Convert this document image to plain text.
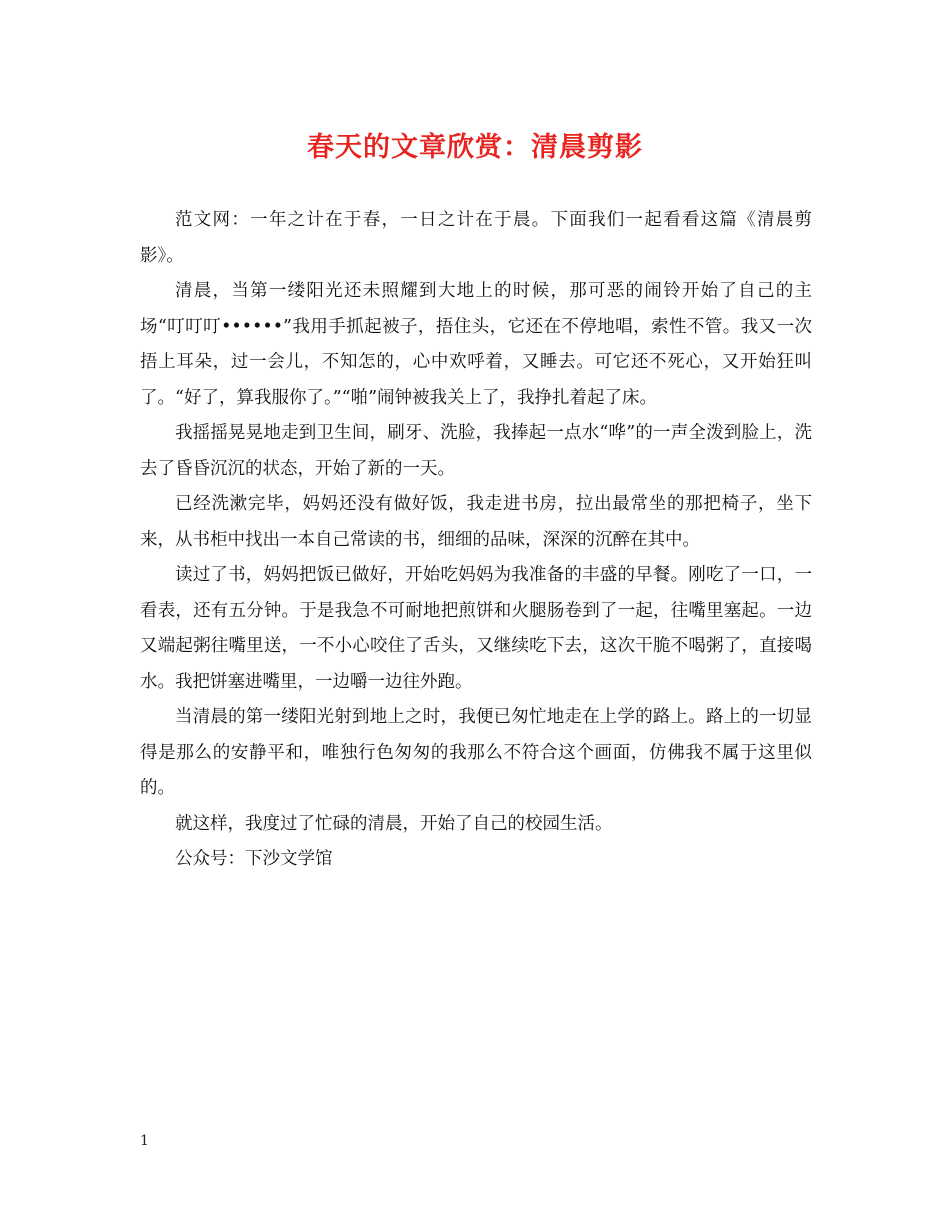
春天的文章欣赏：清晨剪影

范文网：一年之计在于春，一日之计在于晨。下面我们一起看看这篇《清晨剪影》。

清晨，当第一缕阳光还未照耀到大地上的时候，那可恶的闹铃开始了自己的主场“叮叮叮••••••”我用手抓起被子，捂住头，它还在不停地唱，索性不管。我又一次捂上耳朵，过一会儿，不知怎的，心中欢呼着，又睡去。可它还不死心，又开始狂叫了。“好了，算我服你了。”“啪”闹钟被我关上了，我挣扎着起了床。

我摇摇晃晃地走到卫生间，刷牙、洗脸，我捧起一点水“哗”的一声全泼到脸上，洗去了昏昏沉沉的状态，开始了新的一天。

已经洗漱完毕，妈妈还没有做好饭，我走进书房，拉出最常坐的那把椅子，坐下来，从书柜中找出一本自己常读的书，细细的品味，深深的沉醉在其中。

读过了书，妈妈把饭已做好，开始吃妈妈为我准备的丰盛的早餐。刚吃了一口，一看表，还有五分钟。于是我急不可耐地把煎饼和火腿肠卷到了一起，往嘴里塞起。一边又端起粥往嘴里送，一不小心咬住了舌头，又继续吃下去，这次干脆不喝粥了，直接喝水。我把饼塞进嘴里，一边嚼一边往外跑。

当清晨的第一缕阳光射到地上之时，我便已匆忙地走在上学的路上。路上的一切显得是那么的安静平和，唯独行色匆匆的我那么不符合这个画面，仿佛我不属于这里似的。

就这样，我度过了忙碌的清晨，开始了自己的校园生活。

公众号：下沙文学馆

1
